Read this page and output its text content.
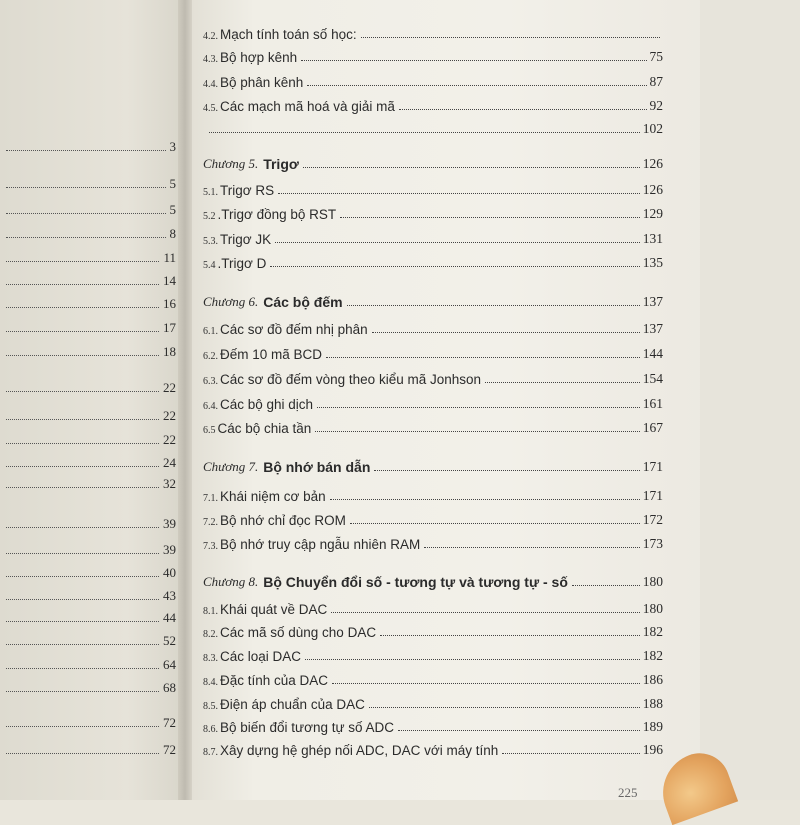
3
5
5
8
11
14
16
17
18
22
22
22
24
32
39
39
40
43
44
52
64
68
72
72
4.2. Mạch tính toán số học:
4.3. Bộ hợp kênh	75
4.4. Bộ phân kênh	87
4.5. Các mạch mã hoá và giải mã	92
102
Chương 5. Trigơ	126
5.1. Trigơ RS	126
5.2 .Trigơ đồng bộ RST	129
5.3. Trigơ JK	131
5.4 .Trigơ D	135
Chương 6. Các bộ đếm	137
6.1. Các sơ đồ đếm nhị phân	137
6.2. Đếm 10 mã BCD	144
6.3. Các sơ đồ đếm vòng theo kiểu mã Jonhson	154
6.4. Các bộ ghi dịch	161
6.5 Các bộ chia tần	167
Chương 7. Bộ nhớ bán dẫn	171
7.1. Khái niệm cơ bản	171
7.2. Bộ nhớ chỉ đọc ROM	172
7.3. Bộ nhớ truy cập ngẫu nhiên RAM	173
Chương 8. Bộ Chuyển đổi số - tương tự và tương tự - số	180
8.1. Khái quát về DAC	180
8.2. Các mã số dùng cho DAC	182
8.3. Các loại DAC	182
8.4. Đặc tính của DAC	186
8.5. Điện áp chuẩn của DAC	188
8.6. Bộ biến đổi tương tự số ADC	189
8.7. Xây dựng hệ ghép nối ADC, DAC với máy tính	196
225
